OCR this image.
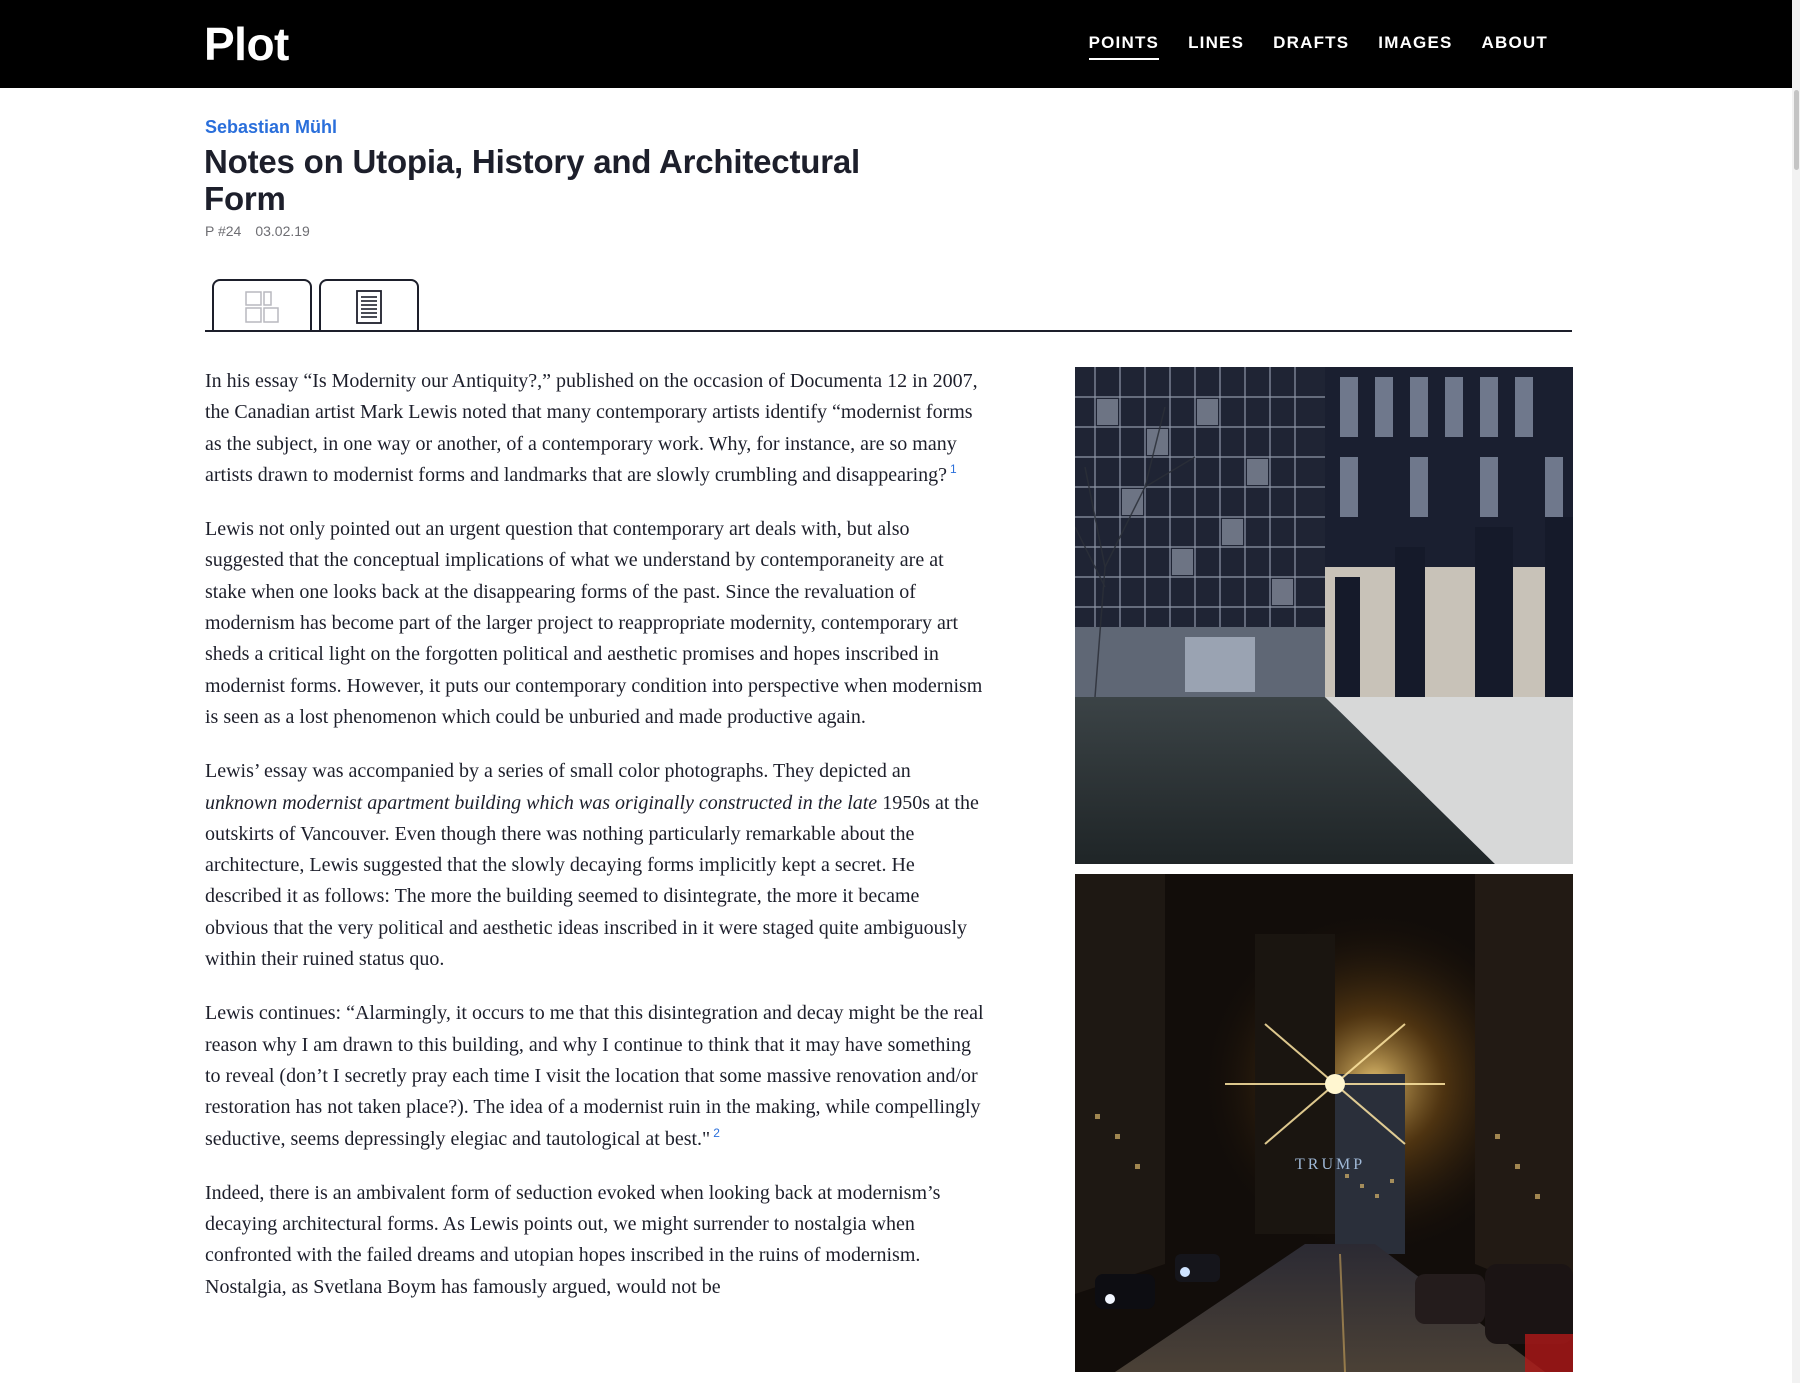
Plot	POINTS LINES DRAFTS IMAGES ABOUT
Sebastian Mühl
Notes on Utopia, History and Architectural Form
P #24 03.02.19

In his essay “Is Modernity our Antiquity?,” published on the occasion of Documenta 12 in 2007, the Canadian artist Mark Lewis noted that many contemporary artists identify “modernist forms as the subject, in one way or another, of a contemporary work. Why, for instance, are so many artists drawn to modernist forms and landmarks that are slowly crumbling and disappearing? $^1$

Lewis not only pointed out an urgent question that contemporary art deals with, but also suggested that the conceptual implications of what we understand by contemporaneity are at stake when one looks back at the disappearing forms of the past. Since the revaluation of modernism has become part of the larger project to reappropriate modernity, contemporary art sheds a critical light on the forgotten political and aesthetic promises and hopes inscribed in modernist forms. However, it puts our contemporary condition into perspective when modernism is seen as a lost phenomenon which could be unburied and made productive again.

Lewis’ essay was accompanied by a series of small color photographs. They depicted an unknown modernist apartment building which was originally constructed in the late 1950s at the outskirts of Vancouver. Even though there was nothing particularly remarkable about the architecture, Lewis suggested that the slowly decaying forms implicitly kept a secret. He described it as follows: The more the building seemed to disintegrate, the more it became obvious that the very political and aesthetic ideas inscribed in it were staged quite ambiguously within their ruined status quo.

Lewis continues: “Alarmingly, it occurs to me that this disintegration and decay might be the real reason why I am drawn to this building, and why I continue to think that it may have something to reveal (don’t I secretly pray each time I visit the location that some massive renovation and/or restoration has not taken place?). The idea of a modernist ruin in the making, while compellingly seductive, seems depressingly elegiac and tautological at best." $^2$

Indeed, there is an ambivalent form of seduction evoked when looking back at modernism’s decaying architectural forms. As Lewis points out, we might surrender to nostalgia when confronted with the failed dreams and utopian hopes inscribed in the ruins of modernism. Nostalgia, as Svetlana Boym has famously argued, would not be

TRUMP
